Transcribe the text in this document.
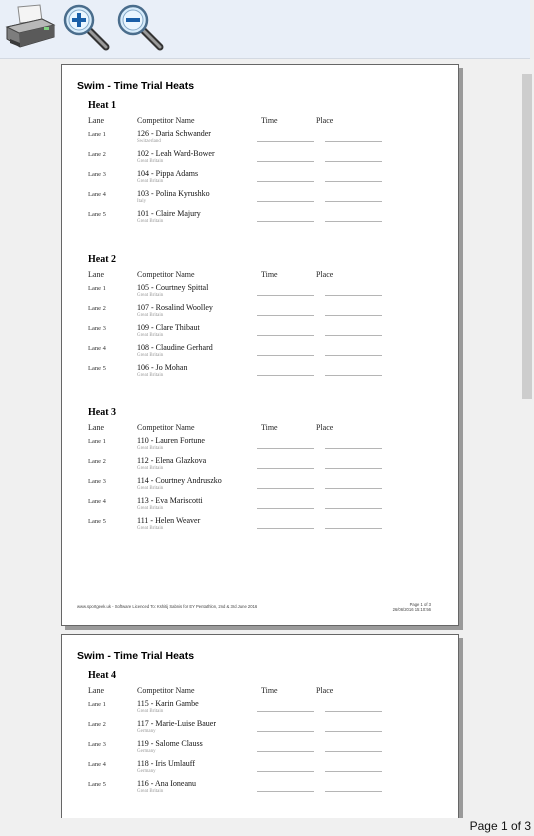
Swim - Time Trial Heats
Heat 1
Lane	Competitor Name	Time	Place
Lane 1	126 - Daria Schwander
Switzerland
Lane 2	102 - Leah Ward-Bower
Great Britain
Lane 3	104 - Pippa Adams
Great Britain
Lane 4	103 - Polina Kyrushko
Italy
Lane 5	101 - Claire Majury
Great Britain
Heat 2
Lane	Competitor Name	Time	Place
Lane 1	105 - Courtney Spittal
Great Britain
Lane 2	107 - Rosalind Woolley
Great Britain
Lane 3	109 - Clare Thibaut
Great Britain
Lane 4	108 - Claudine Gerhard
Great Britain
Lane 5	106 - Jo Mohan
Great Britain
Heat 3
Lane	Competitor Name	Time	Place
Lane 1	110 - Lauren Fortune
Great Britain
Lane 2	112 - Elena Glazkova
Great Britain
Lane 3	114 - Courtney Andruszko
Great Britain
Lane 4	113 - Eva Mariscotti
Great Britain
Lane 5	111 - Helen Weaver
Great Britain
www.sportgeek.uk - Software Licenced To: Kshitij Sabnis for EY Pentathlon, 2nd & 3rd June 2016	Page 1 of 3
26/06/2016 15:10:56
Swim - Time Trial Heats
Heat 4
Lane	Competitor Name	Time	Place
Lane 1	115 - Karin Gambe
Great Britain
Lane 2	117 - Marie-Luise Bauer
Germany
Lane 3	119 - Salome Clauss
Germany
Lane 4	118 - Iris Umlauff
Germany
Lane 5	116 - Ana Ioneanu
Great Britain
Page 1 of 3
